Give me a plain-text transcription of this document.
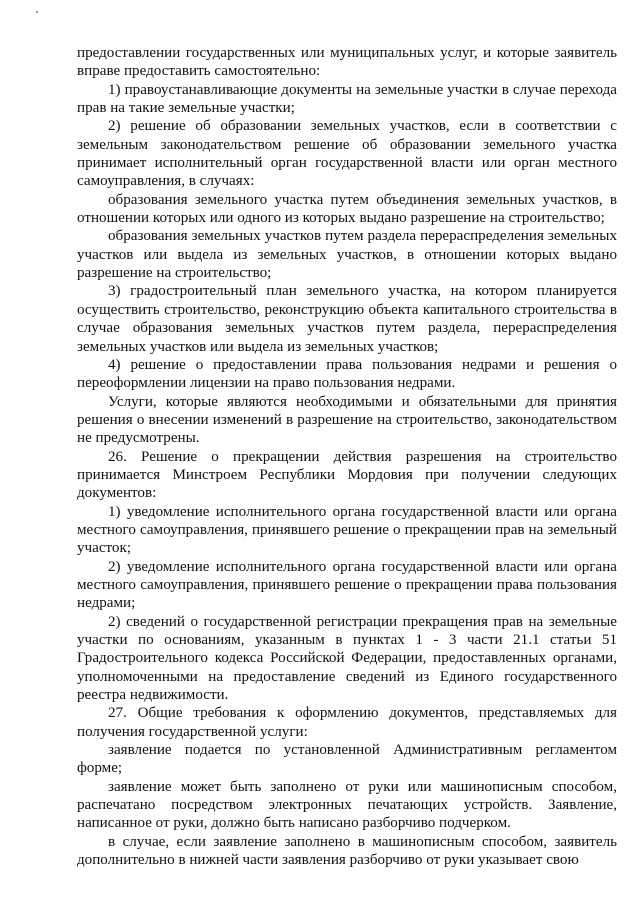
предоставлении государственных или муниципальных услуг, и которые заявитель вправе предоставить самостоятельно:

1) правоустанавливающие документы на земельные участки в случае перехода прав на такие земельные участки;

2) решение об образовании земельных участков, если в соответствии с земельным законодательством решение об образовании земельного участка принимает исполнительный орган государственной власти или орган местного самоуправления, в случаях:

образования земельного участка путем объединения земельных участков, в отношении которых или одного из которых выдано разрешение на строительство;

образования земельных участков путем раздела перераспределения земельных участков или выдела из земельных участков, в отношении которых выдано разрешение на строительство;

3) градостроительный план земельного участка, на котором планируется осуществить строительство, реконструкцию объекта капитального строительства в случае образования земельных участков путем раздела, перераспределения земельных участков или выдела из земельных участков;

4) решение о предоставлении права пользования недрами и решения о переоформлении лицензии на право пользования недрами.

Услуги, которые являются необходимыми и обязательными для принятия решения о внесении изменений в разрешение на строительство, законодательством не предусмотрены.

26. Решение о прекращении действия разрешения на строительство принимается Минстроем Республики Мордовия при получении следующих документов:

1) уведомление исполнительного органа государственной власти или органа местного самоуправления, принявшего решение о прекращении прав на земельный участок;

2) уведомление исполнительного органа государственной власти или органа местного самоуправления, принявшего решение о прекращении права пользования недрами;

2) сведений о государственной регистрации прекращения прав на земельные участки по основаниям, указанным в пунктах 1 - 3 части 21.1 статьи 51 Градостроительного кодекса Российской Федерации, предоставленных органами, уполномоченными на предоставление сведений из Единого государственного реестра недвижимости.

27. Общие требования к оформлению документов, представляемых для получения государственной услуги:

заявление подается по установленной Административным регламентом форме;

заявление может быть заполнено от руки или машинописным способом, распечатано посредством электронных печатающих устройств. Заявление, написанное от руки, должно быть написано разборчиво подчерком.

в случае, если заявление заполнено в машинописным способом, заявитель дополнительно в нижней части заявления разборчиво от руки указывает свою
